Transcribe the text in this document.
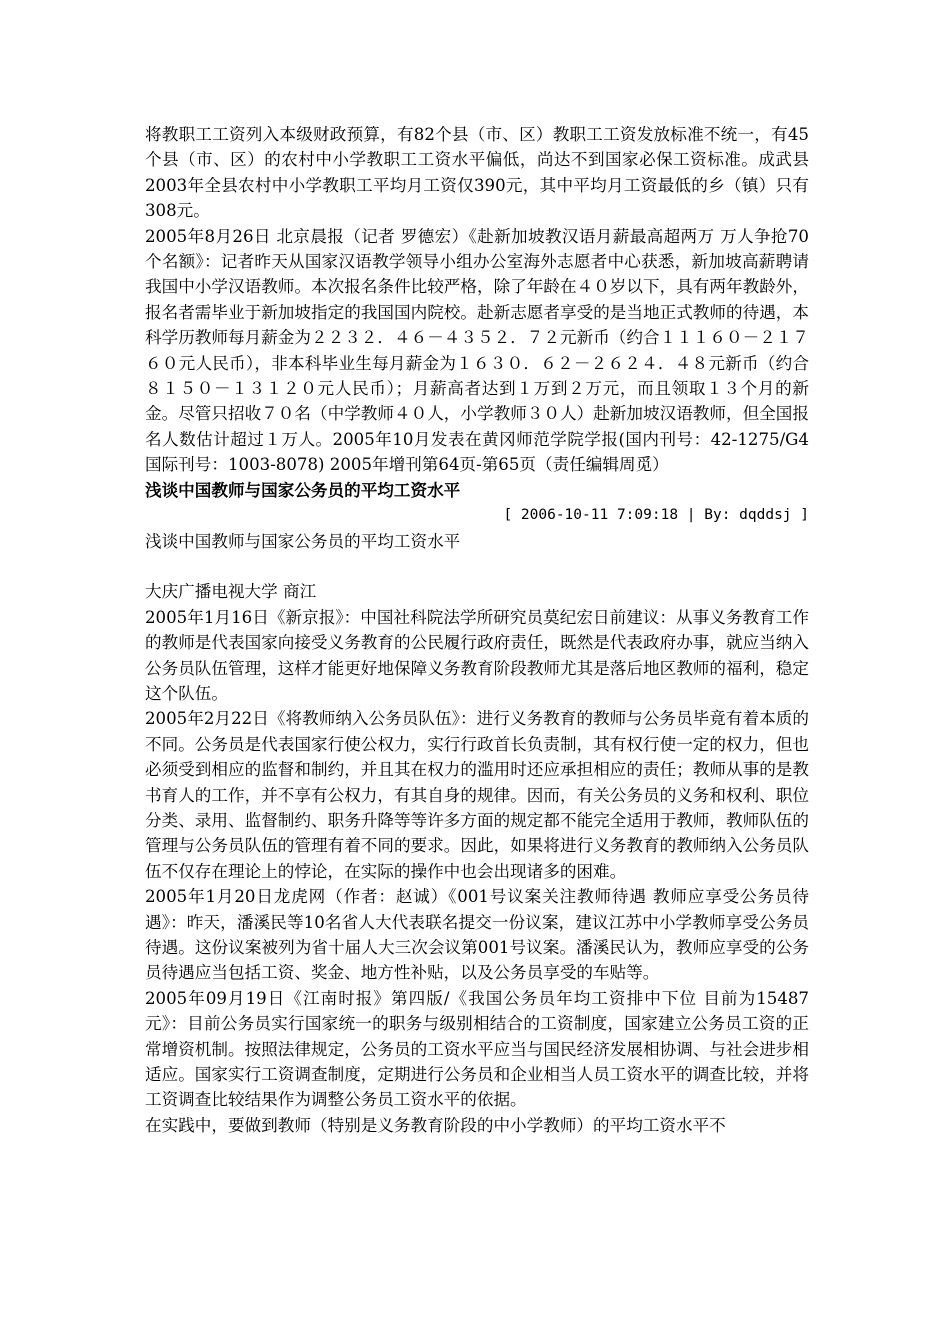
将教职工工资列入本级财政预算，有82个县（市、区）教职工工资发放标准不统一，有45个县（市、区）的农村中小学教职工工资水平偏低，尚达不到国家必保工资标准。成武县2003年全县农村中小学教职工平均月工资仅390元，其中平均月工资最低的乡（镇）只有308元。

2005年8月26日 北京晨报（记者 罗德宏）《赴新加坡教汉语月薪最高超两万 万人争抢70个名额》：记者昨天从国家汉语教学领导小组办公室海外志愿者中心获悉，新加坡高薪聘请我国中小学汉语教师。本次报名条件比较严格，除了年龄在４０岁以下，具有两年教龄外，报名者需毕业于新加坡指定的我国国内院校。赴新志愿者享受的是当地正式教师的待遇，本科学历教师每月薪金为２２３２．４６－４３５２．７２元新币（约合１１１６０－２１７６０元人民币），非本科毕业生每月薪金为１６３０．６２－２６２４．４８元新币（约合８１５０－１３１２０元人民币）；月薪高者达到１万到２万元，而且领取１３个月的新金。尽管只招收７０名（中学教师４０人，小学教师３０人）赴新加坡汉语教师，但全国报名人数估计超过１万人。2005年10月发表在黄冈师范学院学报(国内刊号：42-1275/G4 国际刊号：1003-8078) 2005年增刊第64页-第65页（责任编辑周觅）

浅谈中国教师与国家公务员的平均工资水平

[ 2006-10-11 7:09:18 | By: dqddsj ]

浅谈中国教师与国家公务员的平均工资水平

大庆广播电视大学 商江

2005年1月16日《新京报》：中国社科院法学所研究员莫纪宏日前建议：从事义务教育工作的教师是代表国家向接受义务教育的公民履行政府责任，既然是代表政府办事，就应当纳入公务员队伍管理，这样才能更好地保障义务教育阶段教师尤其是落后地区教师的福利，稳定这个队伍。

2005年2月22日《将教师纳入公务员队伍》：进行义务教育的教师与公务员毕竟有着本质的不同。公务员是代表国家行使公权力，实行行政首长负责制，其有权行使一定的权力，但也必须受到相应的监督和制约，并且其在权力的滥用时还应承担相应的责任；教师从事的是教书育人的工作，并不享有公权力，有其自身的规律。因而，有关公务员的义务和权利、职位分类、录用、监督制约、职务升降等等许多方面的规定都不能完全适用于教师，教师队伍的管理与公务员队伍的管理有着不同的要求。因此，如果将进行义务教育的教师纳入公务员队伍不仅存在理论上的悖论，在实际的操作中也会出现诸多的困难。

2005年1月20日龙虎网（作者：赵诚）《001号议案关注教师待遇 教师应享受公务员待遇》：昨天，潘溪民等10名省人大代表联名提交一份议案，建议江苏中小学教师享受公务员待遇。这份议案被列为省十届人大三次会议第001号议案。潘溪民认为，教师应享受的公务员待遇应当包括工资、奖金、地方性补贴，以及公务员享受的车贴等。

2005年09月19日《江南时报》第四版/《我国公务员年均工资排中下位 目前为15487元》：目前公务员实行国家统一的职务与级别相结合的工资制度，国家建立公务员工资的正常增资机制。按照法律规定，公务员的工资水平应当与国民经济发展相协调、与社会进步相适应。国家实行工资调查制度，定期进行公务员和企业相当人员工资水平的调查比较，并将工资调查比较结果作为调整公务员工资水平的依据。

在实践中，要做到教师（特别是义务教育阶段的中小学教师）的平均工资水平不
